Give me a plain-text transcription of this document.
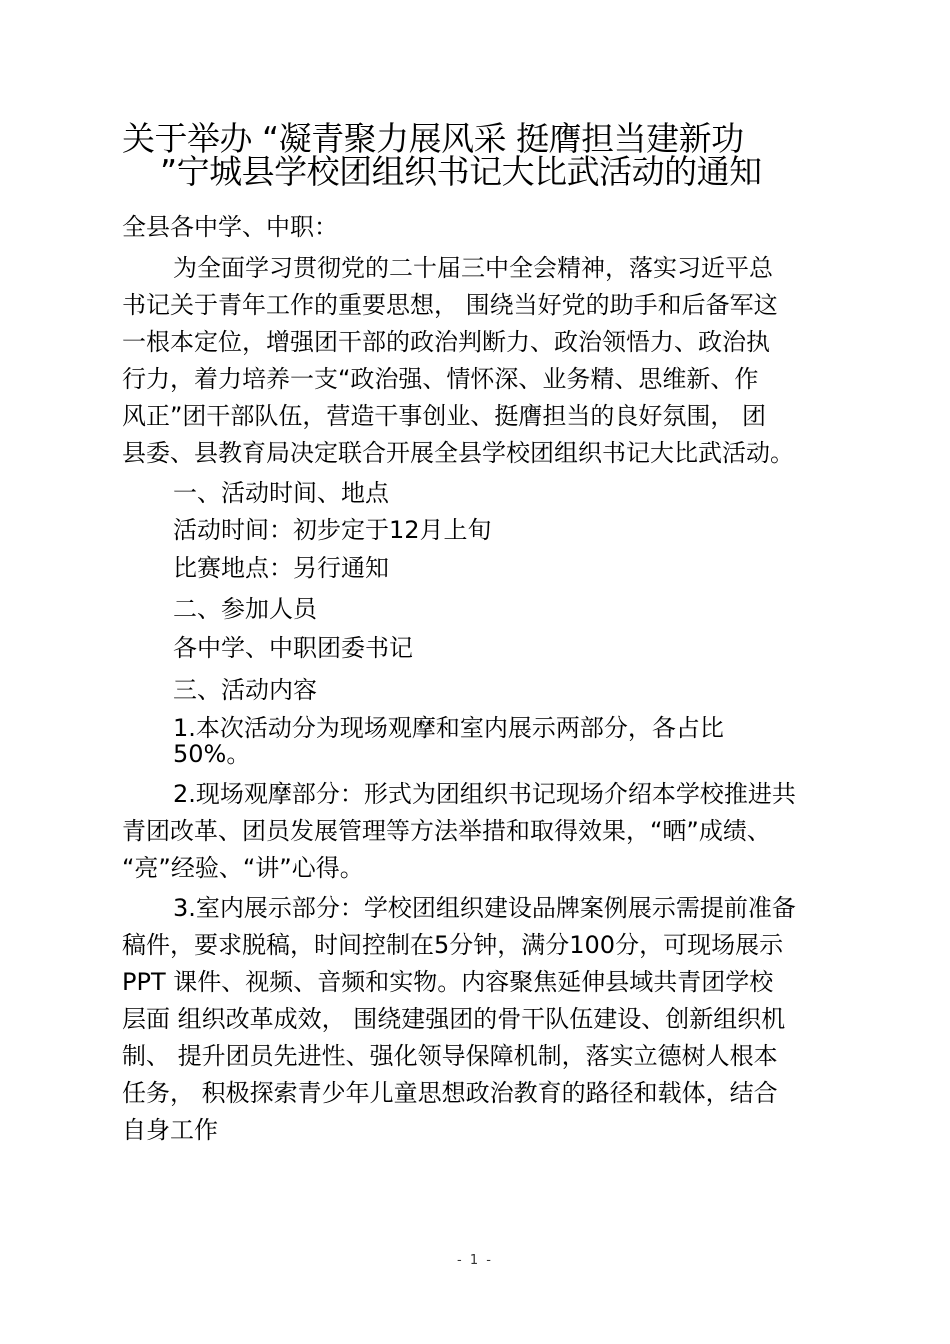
关于举办 “凝青聚力展风采 挺膺担当建新功
”宁城县学校团组织书记大比武活动的通知
全县各中学、中职：
为全面学习贯彻党的二十届三中全会精神，落实习近平总
书记关于青年工作的重要思想， 围绕当好党的助手和后备军这
一根本定位，增强团干部的政治判断力、政治领悟力、政治执
行力，着力培养一支“政治强、情怀深、业务精、思维新、作
风正”团干部队伍，营造干事创业、挺膺担当的良好氛围， 团
县委、县教育局决定联合开展全县学校团组织书记大比武活动。
一、活动时间、地点
活动时间：初步定于12月上旬
比赛地点：另行通知
二、参加人员
各中学、中职团委书记
三、活动内容
1.本次活动分为现场观摩和室内展示两部分，各占比
50%。
2.现场观摩部分：形式为团组织书记现场介绍本学校推进共
青团改革、团员发展管理等方法举措和取得效果，“晒”成绩、
“亮”经验、“讲”心得。
3.室内展示部分：学校团组织建设品牌案例展示需提前准备
稿件，要求脱稿，时间控制在5分钟，满分100分，可现场展示
PPT 课件、视频、音频和实物。内容聚焦延伸县域共青团学校
层面 组织改革成效， 围绕建强团的骨干队伍建设、创新组织机
制、 提升团员先进性、强化领导保障机制，落实立德树人根本
任务， 积极探索青少年儿童思想政治教育的路径和载体，结合
自身工作
- 1 -
